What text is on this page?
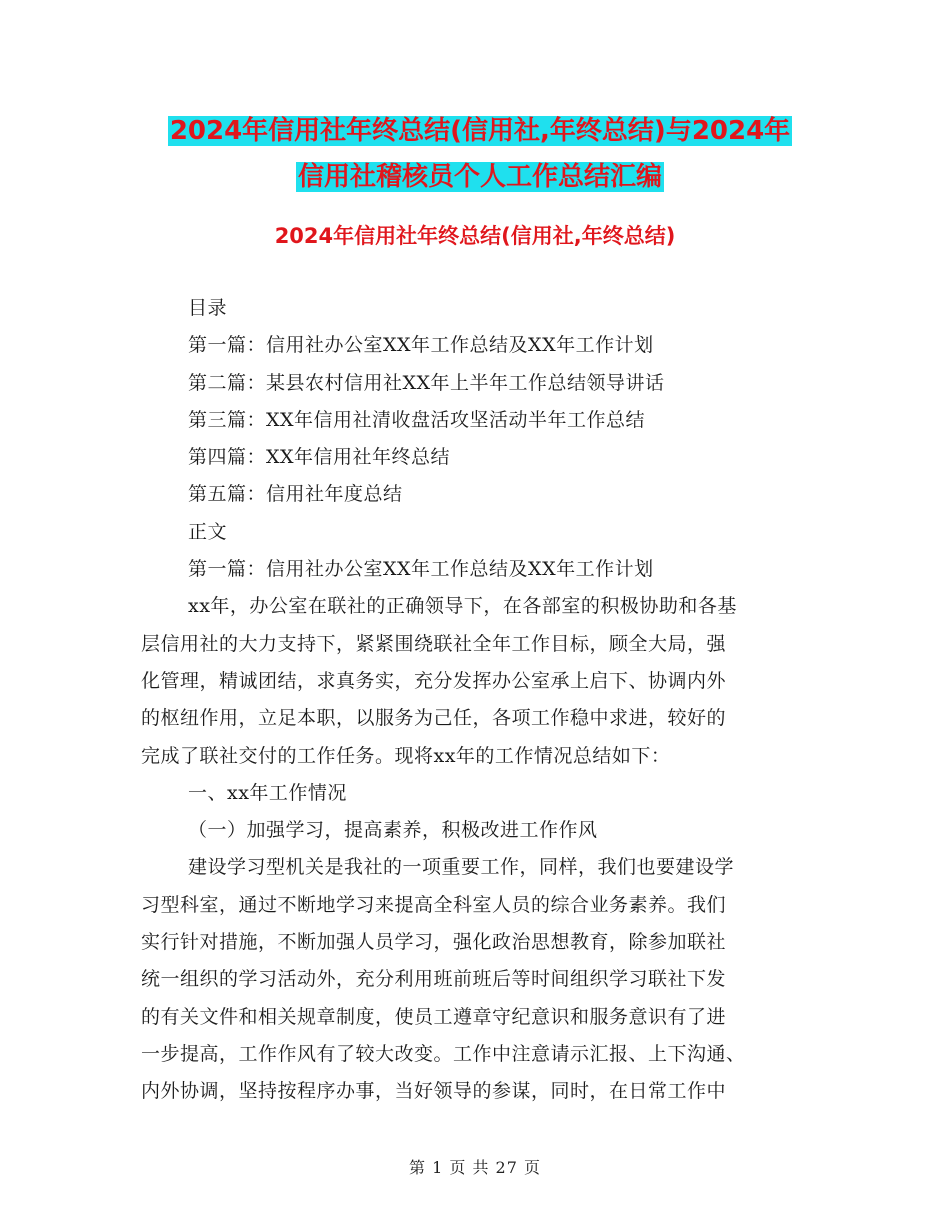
2024年信用社年终总结(信用社,年终总结)与2024年
信用社稽核员个人工作总结汇编
2024年信用社年终总结(信用社,年终总结)
目录
第一篇：信用社办公室XX年工作总结及XX年工作计划
第二篇：某县农村信用社XX年上半年工作总结领导讲话
第三篇：XX年信用社清收盘活攻坚活动半年工作总结
第四篇：XX年信用社年终总结
第五篇：信用社年度总结
正文
第一篇：信用社办公室XX年工作总结及XX年工作计划
xx年，办公室在联社的正确领导下，在各部室的积极协助和各基
层信用社的大力支持下，紧紧围绕联社全年工作目标，顾全大局，强
化管理，精诚团结，求真务实，充分发挥办公室承上启下、协调内外
的枢纽作用，立足本职，以服务为己任，各项工作稳中求进，较好的
完成了联社交付的工作任务。现将xx年的工作情况总结如下：
一、xx年工作情况
（一）加强学习，提高素养，积极改进工作作风
建设学习型机关是我社的一项重要工作，同样，我们也要建设学
习型科室，通过不断地学习来提高全科室人员的综合业务素养。我们
实行针对措施，不断加强人员学习，强化政治思想教育，除参加联社
统一组织的学习活动外，充分利用班前班后等时间组织学习联社下发
的有关文件和相关规章制度，使员工遵章守纪意识和服务意识有了进
一步提高，工作作风有了较大改变。工作中注意请示汇报、上下沟通、
内外协调，坚持按程序办事，当好领导的参谋，同时，在日常工作中
第 1 页 共 27 页
